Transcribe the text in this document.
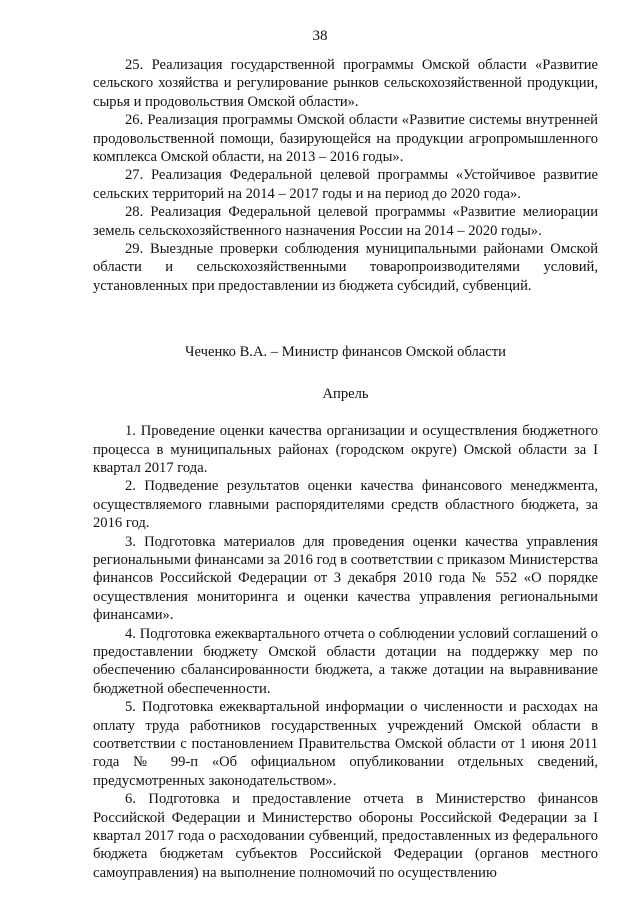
38

25. Реализация государственной программы Омской области «Развитие сельского хозяйства и регулирование рынков сельскохозяйственной продукции, сырья и продовольствия Омской области».

26. Реализация программы Омской области «Развитие системы внутренней продовольственной помощи, базирующейся на продукции агропромышленного комплекса Омской области, на 2013 – 2016 годы».

27. Реализация Федеральной целевой программы «Устойчивое развитие сельских территорий на 2014 – 2017 годы и на период до 2020 года».

28. Реализация Федеральной целевой программы «Развитие мелиорации земель сельскохозяйственного назначения России на 2014 – 2020 годы».

29. Выездные проверки соблюдения муниципальными районами Омской области и сельскохозяйственными товаропроизводителями условий, установленных при предоставлении из бюджета субсидий, субвенций.

Чеченко В.А. – Министр финансов Омской области

Апрель

1. Проведение оценки качества организации и осуществления бюджетного процесса в муниципальных районах (городском округе) Омской области за I квартал 2017 года.

2. Подведение результатов оценки качества финансового менеджмента, осуществляемого главными распорядителями средств областного бюджета, за 2016 год.

3. Подготовка материалов для проведения оценки качества управления региональными финансами за 2016 год в соответствии с приказом Министерства финансов Российской Федерации от 3 декабря 2010 года № 552 «О порядке осуществления мониторинга и оценки качества управления региональными финансами».

4. Подготовка ежеквартального отчета о соблюдении условий соглашений о предоставлении бюджету Омской области дотации на поддержку мер по обеспечению сбалансированности бюджета, а также дотации на выравнивание бюджетной обеспеченности.

5. Подготовка ежеквартальной информации о численности и расходах на оплату труда работников государственных учреждений Омской области в соответствии с постановлением Правительства Омской области от 1 июня 2011 года № 99-п «Об официальном опубликовании отдельных сведений, предусмотренных законодательством».

6. Подготовка и предоставление отчета в Министерство финансов Российской Федерации и Министерство обороны Российской Федерации за I квартал 2017 года о расходовании субвенций, предоставленных из федерального бюджета бюджетам субъектов Российской Федерации (органов местного самоуправления) на выполнение полномочий по осуществлению
